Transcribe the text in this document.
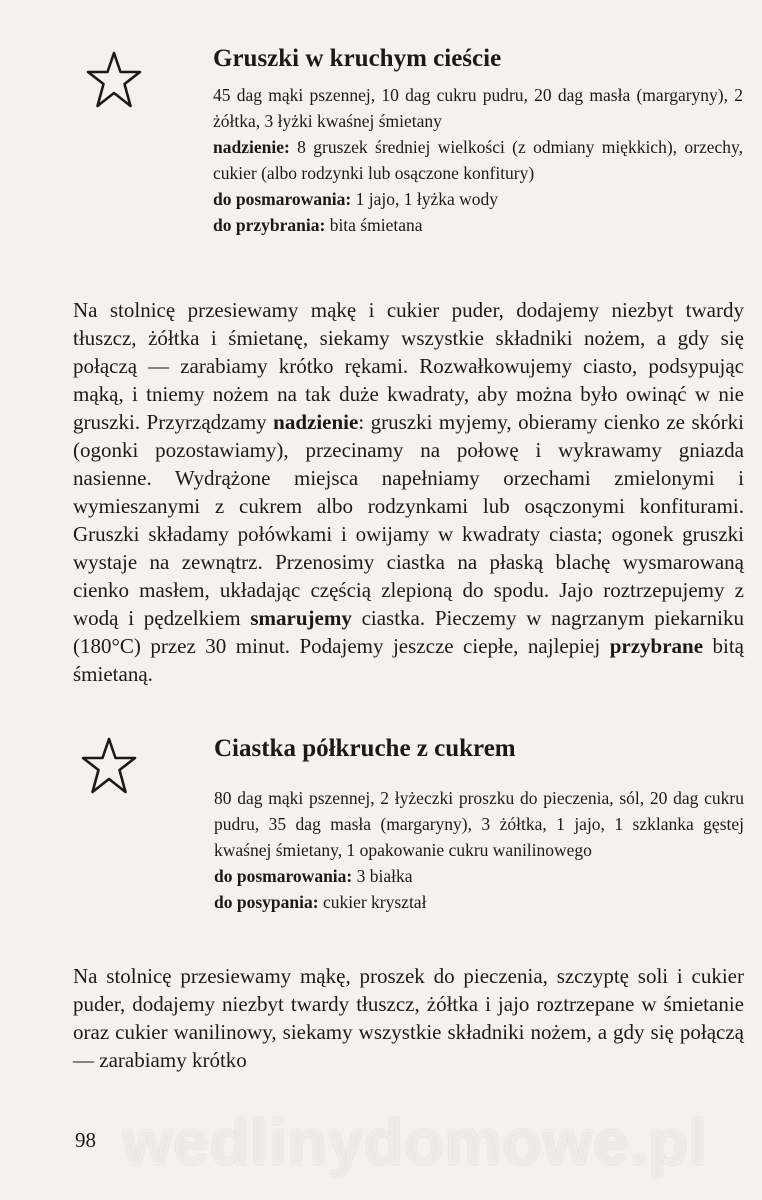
Gruszki w kruchym cieście

45 dag mąki pszennej, 10 dag cukru pudru, 20 dag masła (margaryny), 2 żółtka, 3 łyżki kwaśnej śmietany

nadzienie: 8 gruszek średniej wielkości (z odmiany miękkich), orzechy, cukier (albo rodzynki lub osączone konfitury)

do posmarowania: 1 jajo, 1 łyżka wody

do przybrania: bita śmietana

Na stolnicę przesiewamy mąkę i cukier puder, dodajemy niezbyt twardy tłuszcz, żółtka i śmietanę, siekamy wszystkie składniki nożem, a gdy się połączą — zarabiamy krótko rękami. Rozwałkowujemy ciasto, podsypując mąką, i tniemy nożem na tak duże kwadraty, aby można było owinąć w nie gruszki. Przyrządzamy nadzienie: gruszki myjemy, obieramy cienko ze skórki (ogonki pozostawiamy), przecinamy na połowę i wykrawamy gniazda nasienne. Wydrążone miejsca napełniamy orzechami zmielonymi i wymieszanymi z cukrem albo rodzynkami lub osączonymi konfiturami. Gruszki składamy połówkami i owijamy w kwadraty ciasta; ogonek gruszki wystaje na zewnątrz. Przenosimy ciastka na płaską blachę wysmarowaną cienko masłem, układając częścią zlepioną do spodu. Jajo roztrzepujemy z wodą i pędzelkiem smarujemy ciastka. Pieczemy w nagrzanym piekarniku (180°C) przez 30 minut. Podajemy jeszcze ciepłe, najlepiej przybrane bitą śmietaną.

Ciastka półkruche z cukrem

80 dag mąki pszennej, 2 łyżeczki proszku do pieczenia, sól, 20 dag cukru pudru, 35 dag masła (margaryny), 3 żółtka, 1 jajo, 1 szklanka gęstej kwaśnej śmietany, 1 opakowanie cukru wanilinowego

do posmarowania: 3 białka

do posypania: cukier kryształ

Na stolnicę przesiewamy mąkę, proszek do pieczenia, szczyptę soli i cukier puder, dodajemy niezbyt twardy tłuszcz, żółtka i jajo roztrzepane w śmietanie oraz cukier wanilinowy, siekamy wszystkie składniki nożem, a gdy się połączą — zarabiamy krótko

wedlinydomowe.pl
98
